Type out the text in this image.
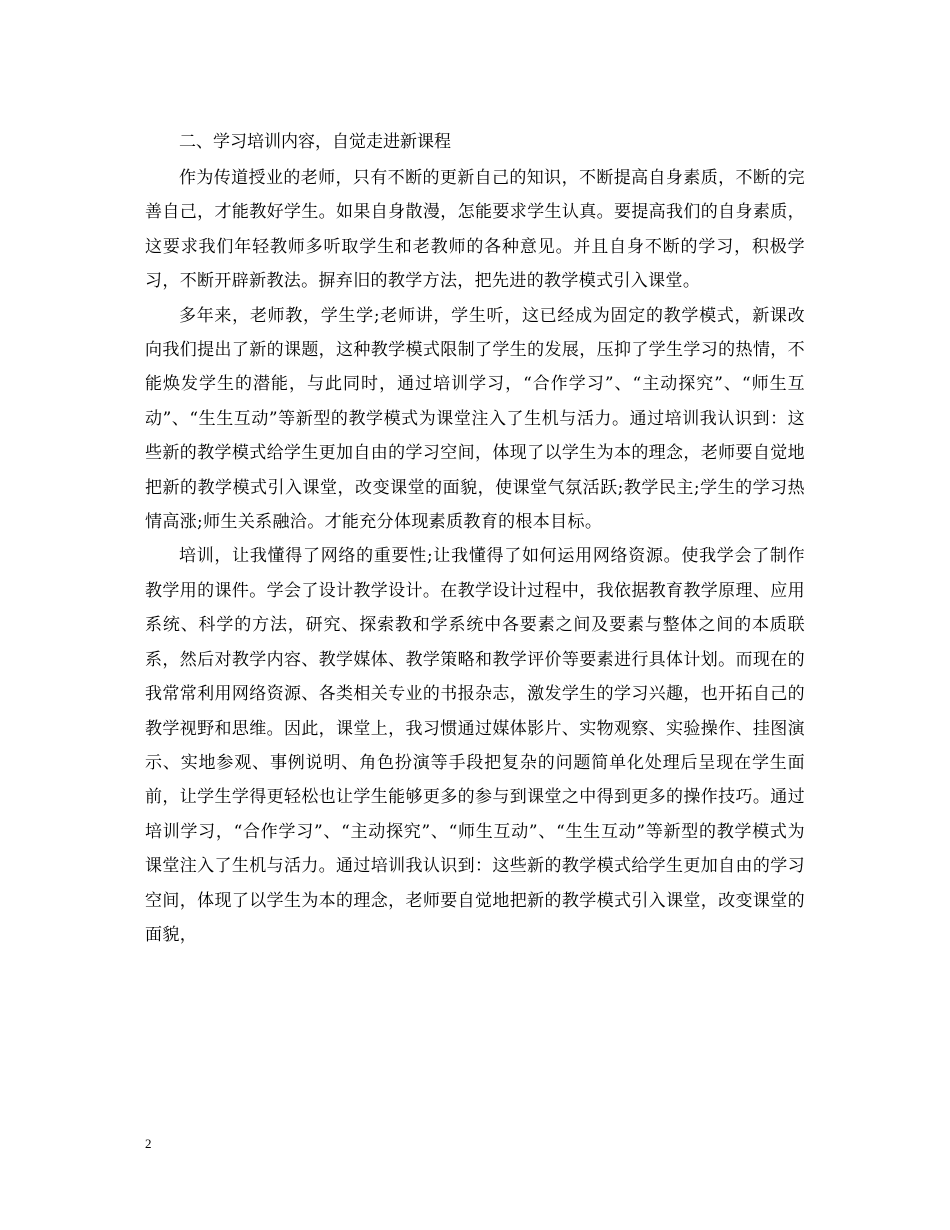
二、学习培训内容，自觉走进新课程

作为传道授业的老师，只有不断的更新自己的知识，不断提高自身素质，不断的完善自己，才能教好学生。如果自身散漫，怎能要求学生认真。要提高我们的自身素质，这要求我们年轻教师多听取学生和老教师的各种意见。并且自身不断的学习，积极学习，不断开辟新教法。摒弃旧的教学方法，把先进的教学模式引入课堂。

多年来，老师教，学生学;老师讲，学生听，这已经成为固定的教学模式，新课改向我们提出了新的课题，这种教学模式限制了学生的发展，压抑了学生学习的热情，不能焕发学生的潜能，与此同时，通过培训学习，“合作学习”、“主动探究”、“师生互动”、“生生互动”等新型的教学模式为课堂注入了生机与活力。通过培训我认识到：这些新的教学模式给学生更加自由的学习空间，体现了以学生为本的理念，老师要自觉地把新的教学模式引入课堂，改变课堂的面貌，使课堂气氛活跃;教学民主;学生的学习热情高涨;师生关系融洽。才能充分体现素质教育的根本目标。

培训，让我懂得了网络的重要性;让我懂得了如何运用网络资源。使我学会了制作教学用的课件。学会了设计教学设计。在教学设计过程中，我依据教育教学原理、应用系统、科学的方法，研究、探索教和学系统中各要素之间及要素与整体之间的本质联系，然后对教学内容、教学媒体、教学策略和教学评价等要素进行具体计划。而现在的我常常利用网络资源、各类相关专业的书报杂志，激发学生的学习兴趣，也开拓自己的教学视野和思维。因此，课堂上，我习惯通过媒体影片、实物观察、实验操作、挂图演示、实地参观、事例说明、角色扮演等手段把复杂的问题简单化处理后呈现在学生面前，让学生学得更轻松也让学生能够更多的参与到课堂之中得到更多的操作技巧。通过培训学习，“合作学习”、“主动探究”、“师生互动”、“生生互动”等新型的教学模式为课堂注入了生机与活力。通过培训我认识到：这些新的教学模式给学生更加自由的学习空间，体现了以学生为本的理念，老师要自觉地把新的教学模式引入课堂，改变课堂的面貌，

2
